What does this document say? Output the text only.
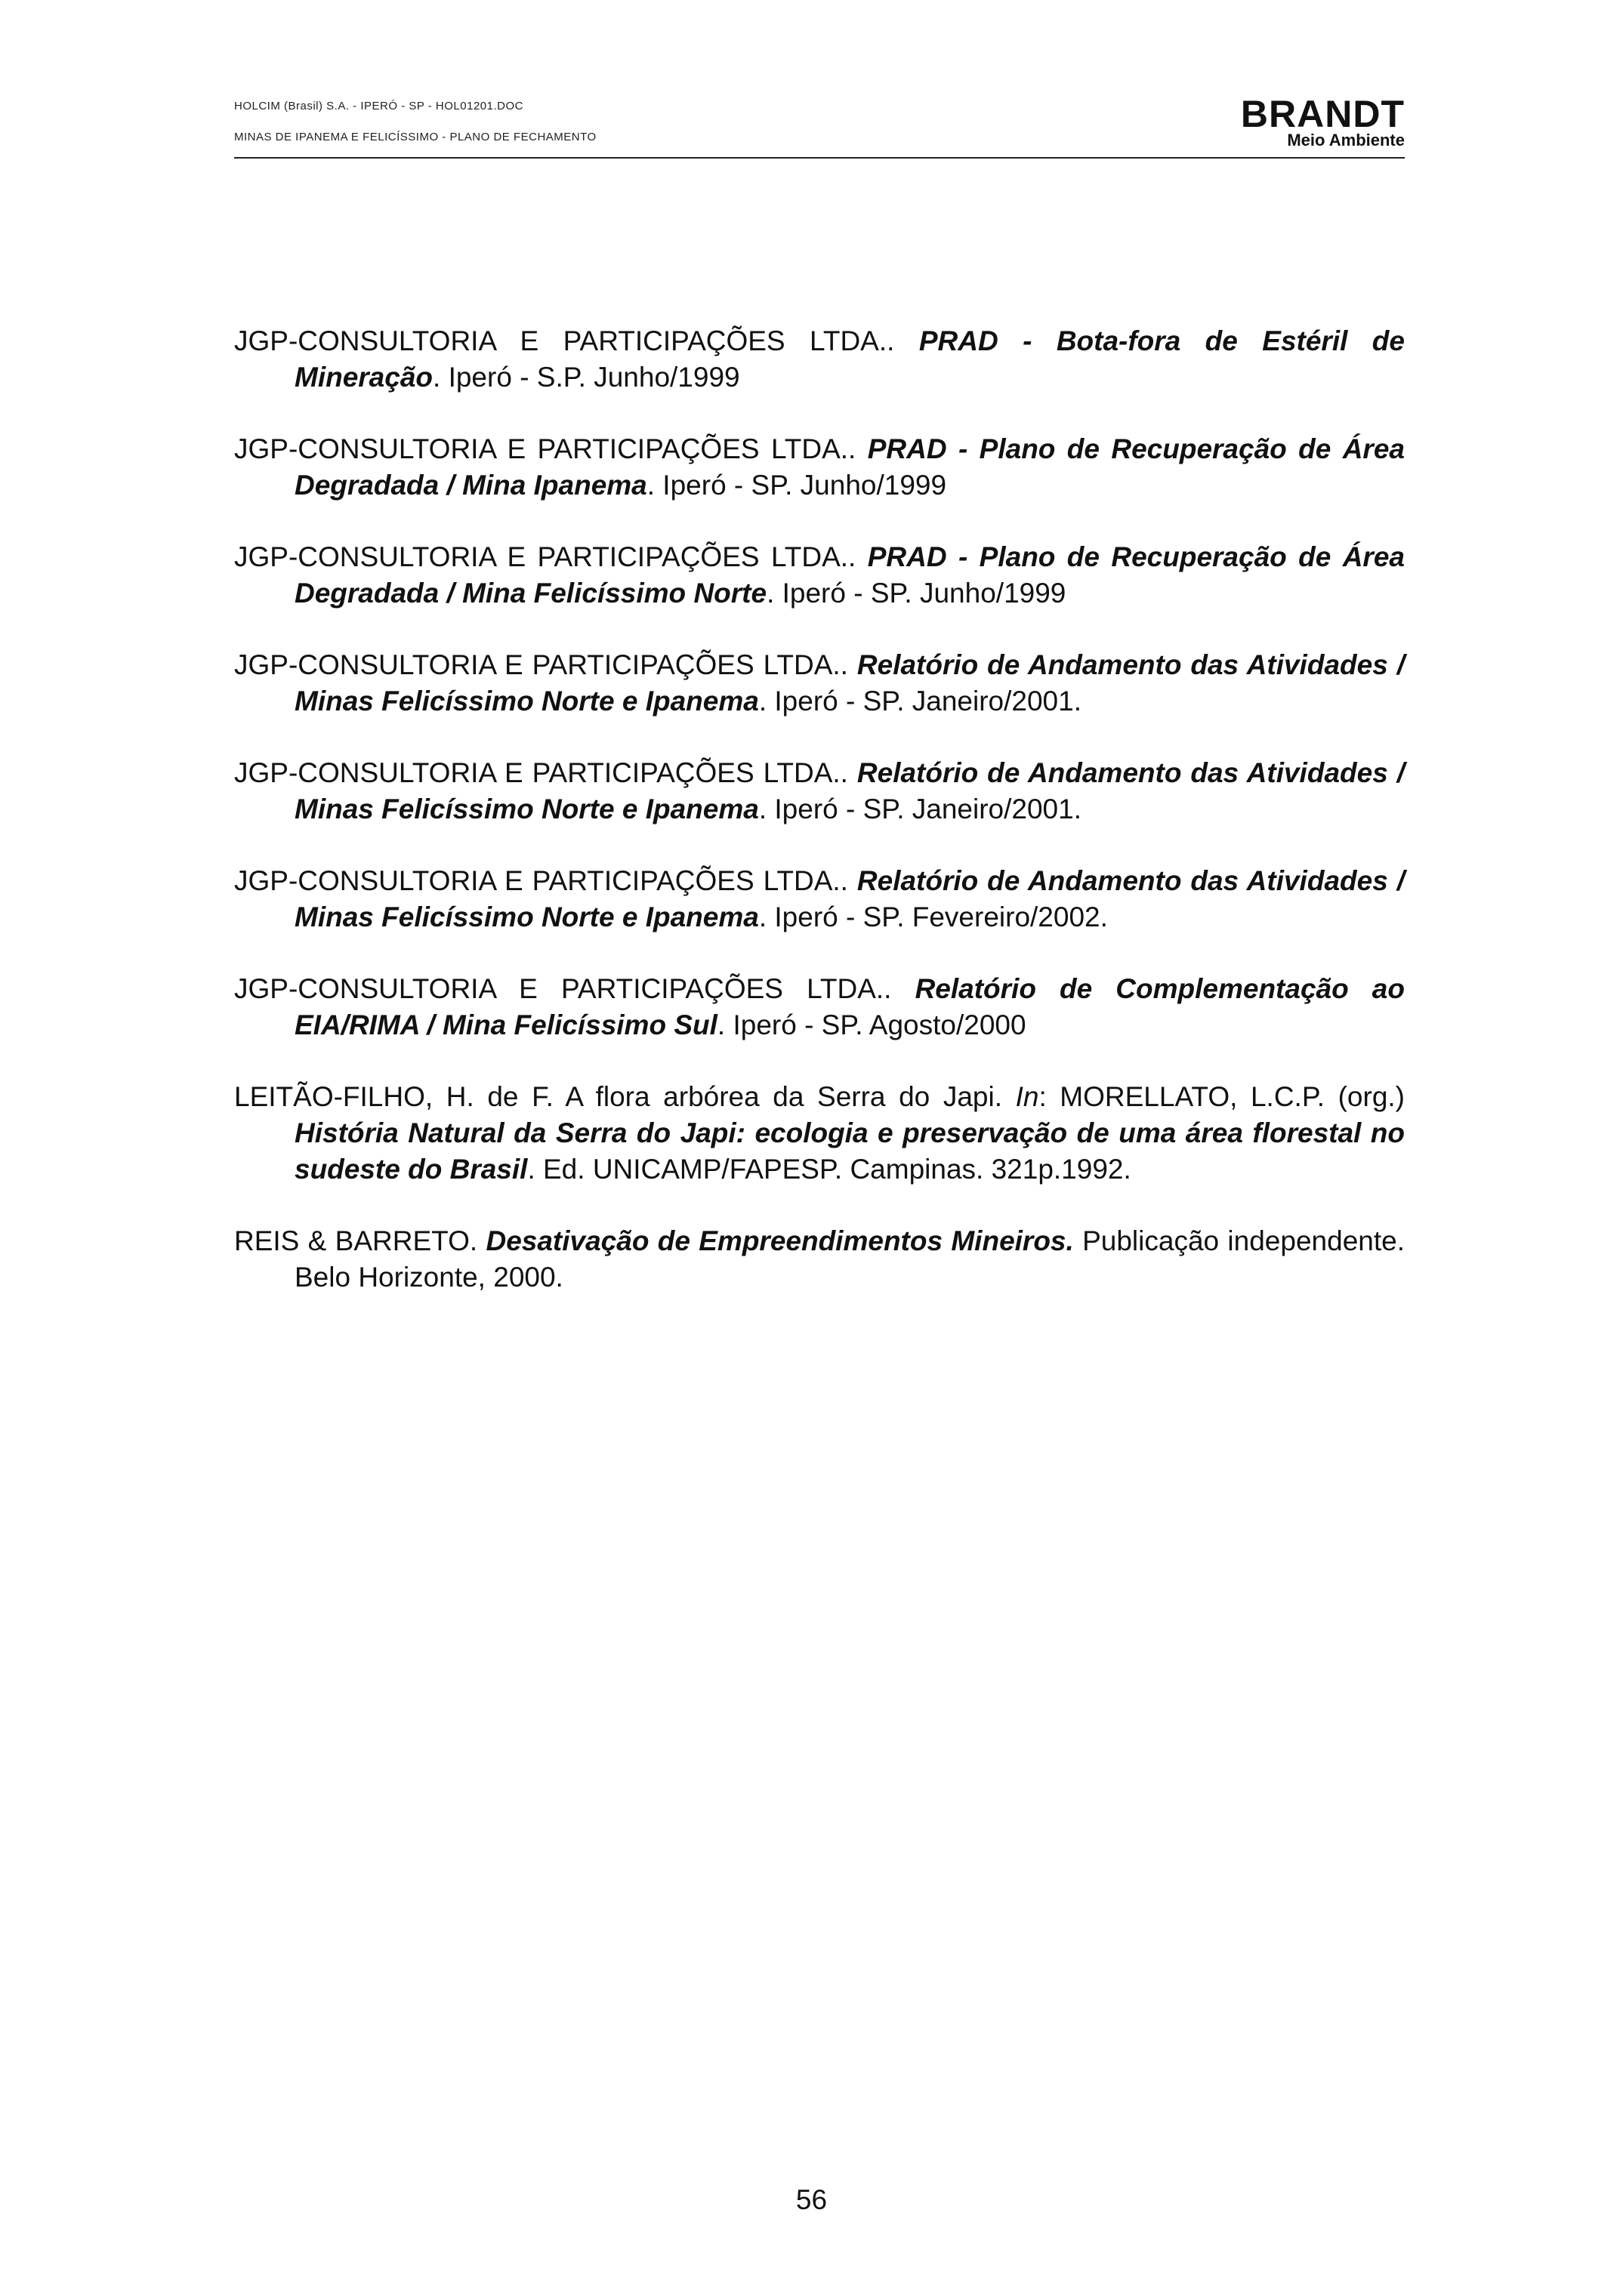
HOLCIM (Brasil) S.A. - IPERÓ - SP - HOL01201.DOC
MINAS DE IPANEMA E FELICÍSSIMO - PLANO DE FECHAMENTO
BRANDT
Meio Ambiente

JGP-CONSULTORIA E PARTICIPAÇÕES LTDA.. PRAD - Bota-fora de Estéril de Mineração. Iperó - S.P. Junho/1999

JGP-CONSULTORIA E PARTICIPAÇÕES LTDA.. PRAD - Plano de Recuperação de Área Degradada / Mina Ipanema. Iperó - SP. Junho/1999

JGP-CONSULTORIA E PARTICIPAÇÕES LTDA.. PRAD - Plano de Recuperação de Área Degradada / Mina Felicíssimo Norte. Iperó - SP. Junho/1999

JGP-CONSULTORIA E PARTICIPAÇÕES LTDA.. Relatório de Andamento das Atividades / Minas Felicíssimo Norte e Ipanema. Iperó - SP. Janeiro/2001.

JGP-CONSULTORIA E PARTICIPAÇÕES LTDA.. Relatório de Andamento das Atividades / Minas Felicíssimo Norte e Ipanema. Iperó - SP. Janeiro/2001.

JGP-CONSULTORIA E PARTICIPAÇÕES LTDA.. Relatório de Andamento das Atividades / Minas Felicíssimo Norte e Ipanema. Iperó - SP. Fevereiro/2002.

JGP-CONSULTORIA E PARTICIPAÇÕES LTDA.. Relatório de Complementação ao EIA/RIMA / Mina Felicíssimo Sul. Iperó - SP. Agosto/2000

LEITÃO-FILHO, H. de F. A flora arbórea da Serra do Japi. In: MORELLATO, L.C.P. (org.) História Natural da Serra do Japi: ecologia e preservação de uma área florestal no sudeste do Brasil. Ed. UNICAMP/FAPESP. Campinas. 321p.1992.

REIS & BARRETO. Desativação de Empreendimentos Mineiros. Publicação independente. Belo Horizonte, 2000.

56
